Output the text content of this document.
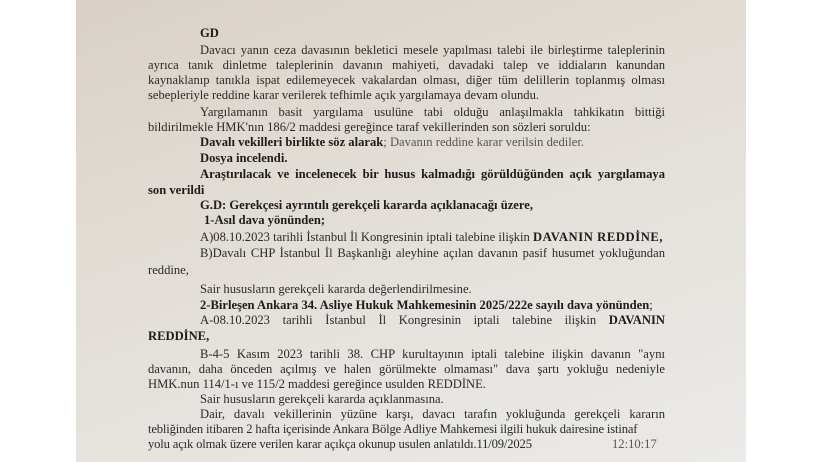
GD
Davacı yanın ceza davasının bekletici mesele yapılması talebi ile birleştirme taleplerinin
ayrıca tanık dinletme taleplerinin davanın mahiyeti, davadaki talep ve iddiaların kanundan
kaynaklanıp tanıkla ispat edilemeyecek vakalardan olması, diğer tüm delillerin toplanmış olması
sebepleriyle reddine karar verilerek tefhimle açık yargılamaya devam olundu.
Yargılamanın basit yargılama usulüne tabi olduğu anlaşılmakla tahkikatın bittiği
bildirilmekle HMK'nın 186/2 maddesi gereğince taraf vekillerinden son sözleri soruldu:
Davalı vekilleri birlikte söz alarak; Davanın reddine karar verilsin dediler.
Dosya incelendi.
Araştırılacak ve incelenecek bir husus kalmadığı görüldüğünden açık yargılamaya
son verildi
G.D: Gerekçesi ayrıntılı gerekçeli kararda açıklanacağı üzere,
1-Asıl dava yönünden;
A)08.10.2023 tarihli İstanbul İl Kongresinin iptali talebine ilişkin DAVANIN REDDİNE,
B)Davalı CHP İstanbul İl Başkanlığı aleyhine açılan davanın pasif husumet yokluğundan
reddine,
Sair hususların gerekçeli kararda değerlendirilmesine.
2-Birleşen Ankara 34. Asliye Hukuk Mahkemesinin 2025/222e sayılı dava yönünden;
A-08.10.2023 tarihli İstanbul İl Kongresinin iptali talebine ilişkin DAVANIN
REDDİNE,
B-4-5 Kasım 2023 tarihli 38. CHP kurultayının iptali talebine ilişkin davanın "aynı
davanın, daha önceden açılmış ve halen görülmekte olmaması" dava şartı yokluğu nedeniyle
HMK.nun 114/1-ı ve 115/2 maddesi gereğince usulden REDDİNE.
Sair hususların gerekçeli kararda açıklanmasına.
Dair, davalı vekillerinin yüzüne karşı, davacı tarafın yokluğunda gerekçeli kararın
tebliğinden itibaren 2 hafta içerisinde Ankara Bölge Adliye Mahkemesi ilgili hukuk dairesine istinaf
yolu açık olmak üzere verilen karar açıkça okunup usulen anlatıldı.11/09/2025	12:10:17
